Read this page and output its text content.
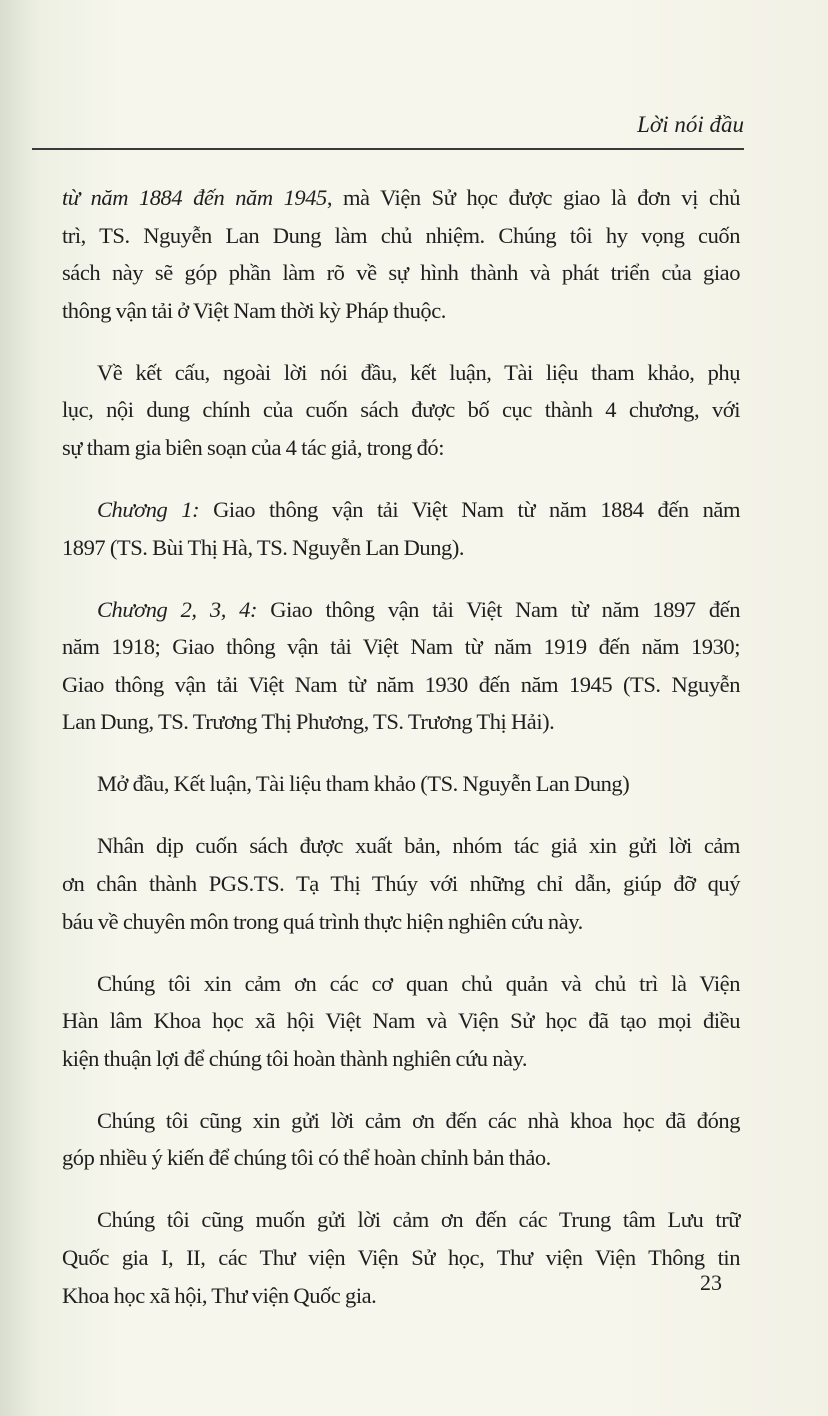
Lời nói đầu
từ năm 1884 đến năm 1945, mà Viện Sử học được giao là đơn vị chủ
trì, TS. Nguyễn Lan Dung làm chủ nhiệm. Chúng tôi hy vọng cuốn
sách này sẽ góp phần làm rõ về sự hình thành và phát triển của giao
thông vận tải ở Việt Nam thời kỳ Pháp thuộc.
Về kết cấu, ngoài lời nói đầu, kết luận, Tài liệu tham khảo, phụ
lục, nội dung chính của cuốn sách được bố cục thành 4 chương, với
sự tham gia biên soạn của 4 tác giả, trong đó:
Chương 1: Giao thông vận tải Việt Nam từ năm 1884 đến năm
1897 (TS. Bùi Thị Hà, TS. Nguyễn Lan Dung).
Chương 2, 3, 4: Giao thông vận tải Việt Nam từ năm 1897 đến
năm 1918; Giao thông vận tải Việt Nam từ năm 1919 đến năm 1930;
Giao thông vận tải Việt Nam từ năm 1930 đến năm 1945 (TS. Nguyễn
Lan Dung, TS. Trương Thị Phương, TS. Trương Thị Hải).
Mở đầu, Kết luận, Tài liệu tham khảo (TS. Nguyễn Lan Dung)
Nhân dịp cuốn sách được xuất bản, nhóm tác giả xin gửi lời cảm
ơn chân thành PGS.TS. Tạ Thị Thúy với những chỉ dẫn, giúp đỡ quý
báu về chuyên môn trong quá trình thực hiện nghiên cứu này.
Chúng tôi xin cảm ơn các cơ quan chủ quản và chủ trì là Viện
Hàn lâm Khoa học xã hội Việt Nam và Viện Sử học đã tạo mọi điều
kiện thuận lợi để chúng tôi hoàn thành nghiên cứu này.
Chúng tôi cũng xin gửi lời cảm ơn đến các nhà khoa học đã đóng
góp nhiều ý kiến để chúng tôi có thể hoàn chỉnh bản thảo.
Chúng tôi cũng muốn gửi lời cảm ơn đến các Trung tâm Lưu trữ
Quốc gia I, II, các Thư viện Viện Sử học, Thư viện Viện Thông tin
Khoa học xã hội, Thư viện Quốc gia.
23
